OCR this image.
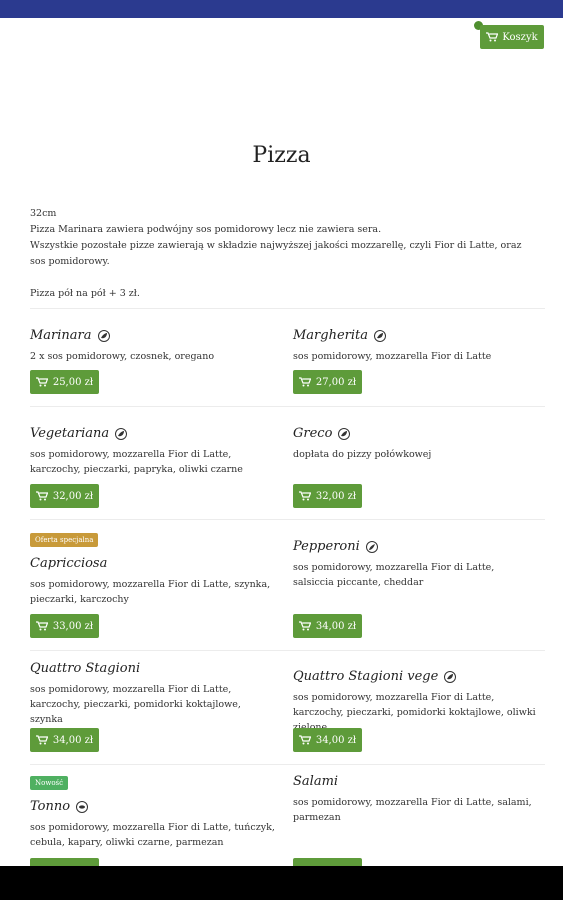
Koszyk
Pizza

32cm

Pizza Marinara zawiera podwójny sos pomidorowy lecz nie zawiera sera.

Wszystkie pozostałe pizze zawierają w składzie najwyższej jakości mozzarellę, czyli Fior di Latte, oraz sos pomidorowy.

Pizza pół na pół + 3 zł.

Marinara
2 x sos pomidorowy, czosnek, oregano
25,00 zł
Margherita
sos pomidorowy, mozzarella Fior di Latte
27,00 zł
Vegetariana
sos pomidorowy, mozzarella Fior di Latte, karczochy, pieczarki, papryka, oliwki czarne
32,00 zł
Greco
dopłata do pizzy połówkowej
32,00 zł
Oferta specjalna
Capricciosa
sos pomidorowy, mozzarella Fior di Latte, szynka, pieczarki, karczochy
33,00 zł
Pepperoni
sos pomidorowy, mozzarella Fior di Latte, salsiccia piccante, cheddar
34,00 zł
Quattro Stagioni
sos pomidorowy, mozzarella Fior di Latte, karczochy, pieczarki, pomidorki koktajlowe, szynka
34,00 zł
Quattro Stagioni vege
sos pomidorowy, mozzarella Fior di Latte, karczochy, pieczarki, pomidorki koktajlowe, oliwki
34,00 zł
Nowość
Tonno
sos pomidorowy, mozzarella Fior di Latte, tuńczyk, cebula, kapary, oliwki czarne, parmezan
Salami
sos pomidorowy, mozzarella Fior di Latte, salami, parmezan
